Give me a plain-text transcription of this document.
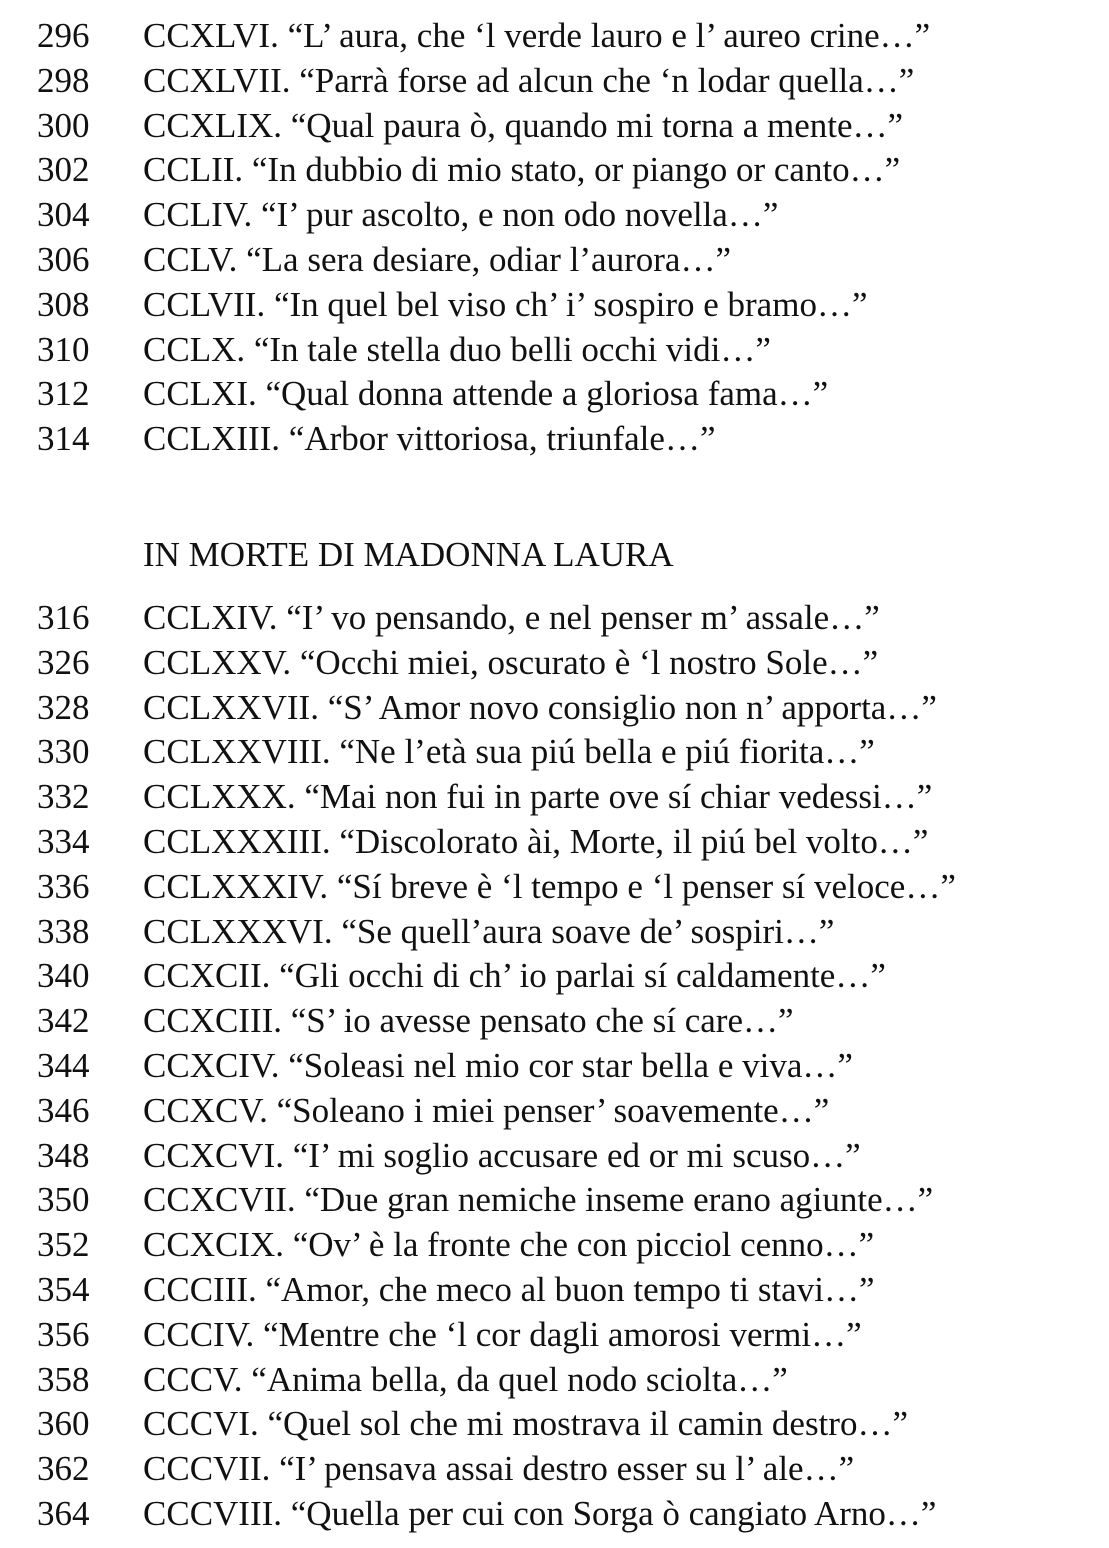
296 CCXLVI. “L’ aura, che ‘l verde lauro e l’ aureo crine…”
298 CCXLVII. “Parrà forse ad alcun che ‘n lodar quella…”
300 CCXLIX. “Qual paura ò, quando mi torna a mente…”
302 CCLII. “In dubbio di mio stato, or piango or canto…”
304 CCLIV. “I’ pur ascolto, e non odo novella…”
306 CCLV. “La sera desiare, odiar l’aurora…”
308 CCLVII. “In quel bel viso ch’ i’ sospiro e bramo…”
310 CCLX. “In tale stella duo belli occhi vidi…”
312 CCLXI. “Qual donna attende a gloriosa fama…”
314 CCLXIII. “Arbor vittoriosa, triunfale…”
IN MORTE DI MADONNA LAURA
316 CCLXIV. “I’ vo pensando, e nel penser m’ assale…”
326 CCLXXV. “Occhi miei, oscurato è ‘l nostro Sole…”
328 CCLXXVII. “S’ Amor novo consiglio non n’ apporta…”
330 CCLXXVIII. “Ne l’età sua piú bella e piú fiorita…”
332 CCLXXX. “Mai non fui in parte ove sí chiar vedessi…”
334 CCLXXXIII. “Discolorato ài, Morte, il piú bel volto…”
336 CCLXXXIV. “Sí breve è ‘l tempo e ‘l penser sí veloce…”
338 CCLXXXVI. “Se quell’aura soave de’ sospiri…”
340 CCXCII. “Gli occhi di ch’ io parlai sí caldamente…”
342 CCXCIII. “S’ io avesse pensato che sí care…”
344 CCXCIV. “Soleasi nel mio cor star bella e viva…”
346 CCXCV. “Soleano i miei penser’ soavemente…”
348 CCXCVI. “I’ mi soglio accusare ed or mi scuso…”
350 CCXCVII. “Due gran nemiche inseme erano agiunte…”
352 CCXCIX. “Ov’ è la fronte che con picciol cenno…”
354 CCCIII. “Amor, che meco al buon tempo ti stavi…”
356 CCCIV. “Mentre che ‘l cor dagli amorosi vermi…”
358 CCCV. “Anima bella, da quel nodo sciolta…”
360 CCCVI. “Quel sol che mi mostrava il camin destro…”
362 CCCVII. “I’ pensava assai destro esser su l’ ale…”
364 CCCVIII. “Quella per cui con Sorga ò cangiato Arno…”
